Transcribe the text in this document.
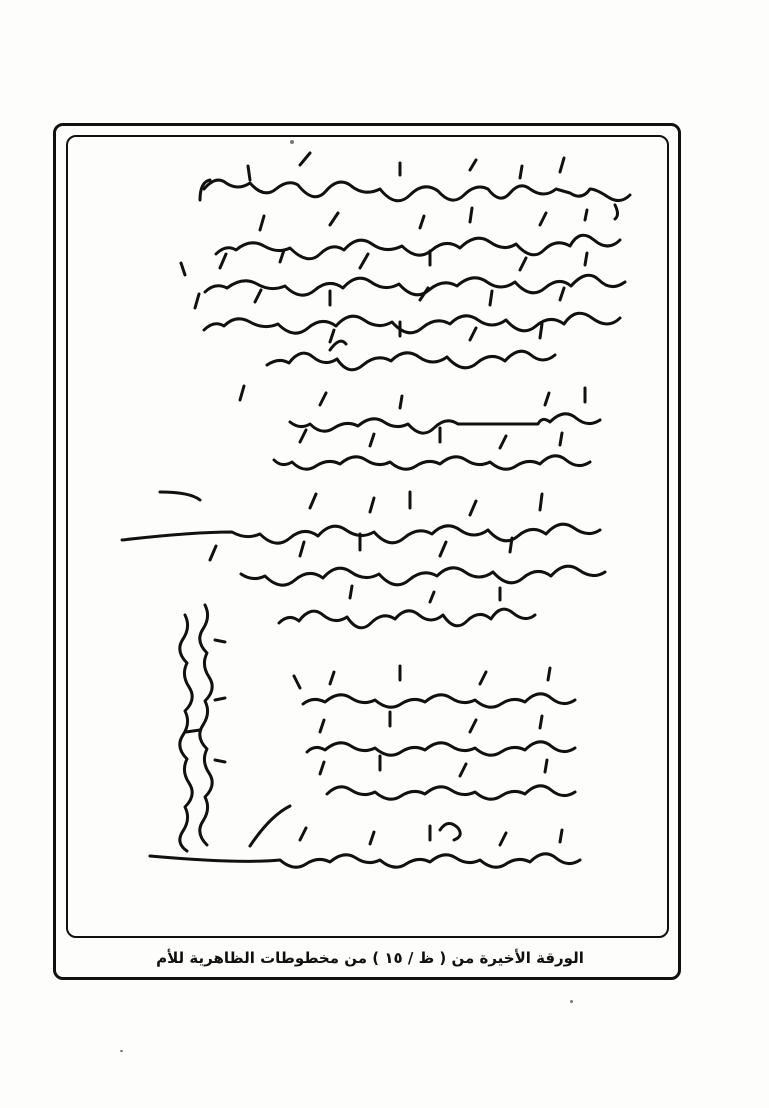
الورقة الأخيرة من ( ظ / ١٥ ) من مخطوطات الظاهرية للأم
